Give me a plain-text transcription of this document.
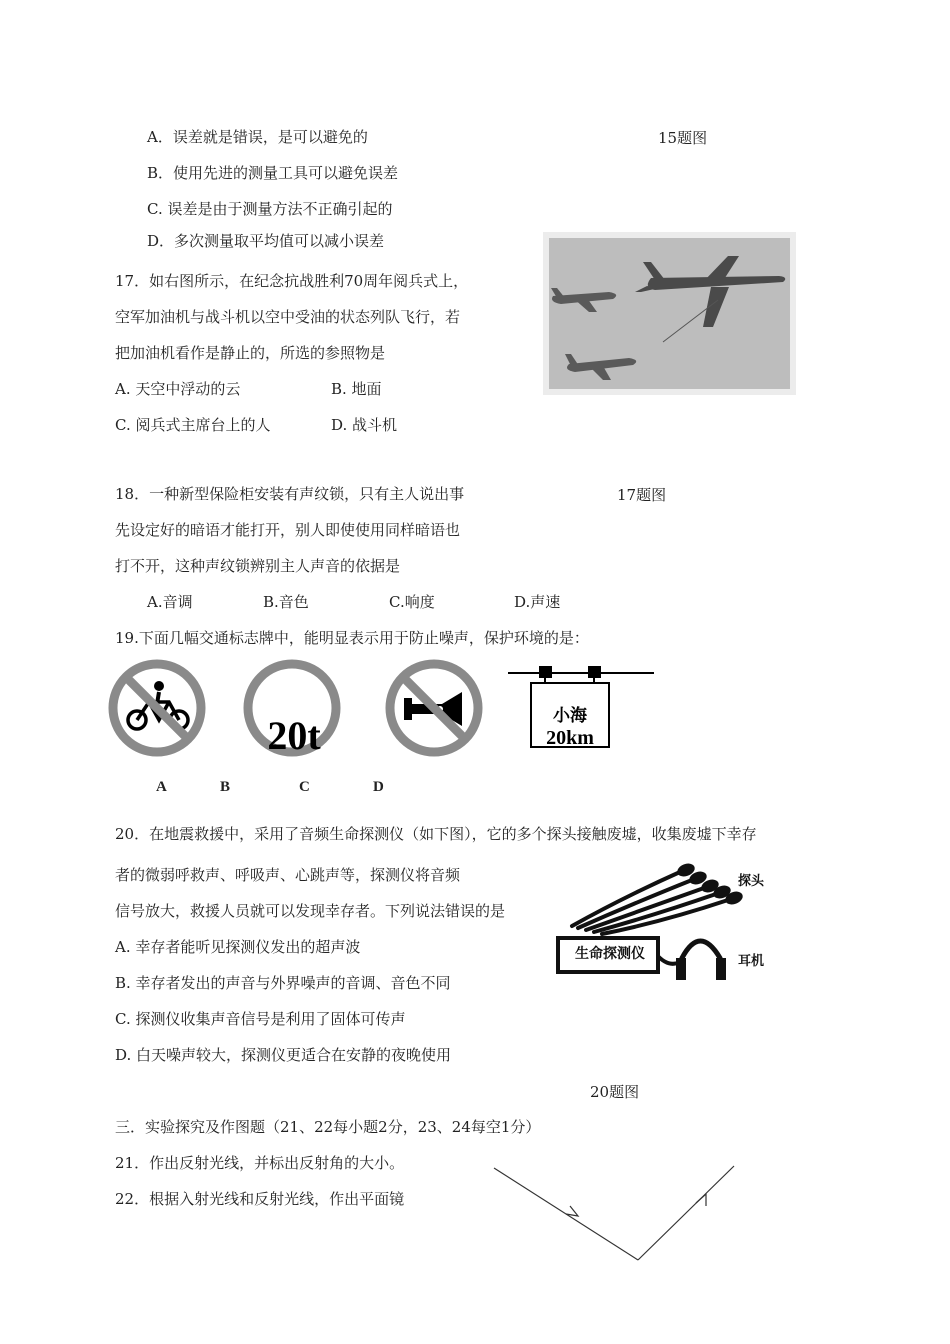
A．误差就是错误，是可以避免的	15题图
B．使用先进的测量工具可以避免误差
C. 误差是由于测量方法不正确引起的
D．多次测量取平均值可以减小误差
17．如右图所示，在纪念抗战胜利70周年阅兵式上，
空军加油机与战斗机以空中受油的状态列队飞行，若
把加油机看作是静止的，所选的参照物是
A. 天空中浮动的云	B. 地面
C. 阅兵式主席台上的人	D. 战斗机
18．一种新型保险柜安装有声纹锁，只有主人说出事	17题图
先设定好的暗语才能打开，别人即使使用同样暗语也
打不开，这种声纹锁辨别主人声音的依据是
A.音调	B.音色	C.响度	D.声速
19.下面几幅交通标志牌中，能明显表示用于防止噪声，保护环境的是：
20t	小海
20km
A	B	C	D
20．在地震救援中，采用了音频生命探测仪（如下图），它的多个探头接触废墟，收集废墟下幸存
者的微弱呼救声、呼吸声、心跳声等，探测仪将音频
信号放大，救援人员就可以发现幸存者。下列说法错误的是
A. 幸存者能听见探测仪发出的超声波
B. 幸存者发出的声音与外界噪声的音调、音色不同
C. 探测仪收集声音信号是利用了固体可传声
D. 白天噪声较大，探测仪更适合在安静的夜晚使用
生命探测仪
探头
耳机
20题图
三．实验探究及作图题（21、22每小题2分，23、24每空1分）
21．作出反射光线，并标出反射角的大小。
22．根据入射光线和反射光线，作出平面镜
